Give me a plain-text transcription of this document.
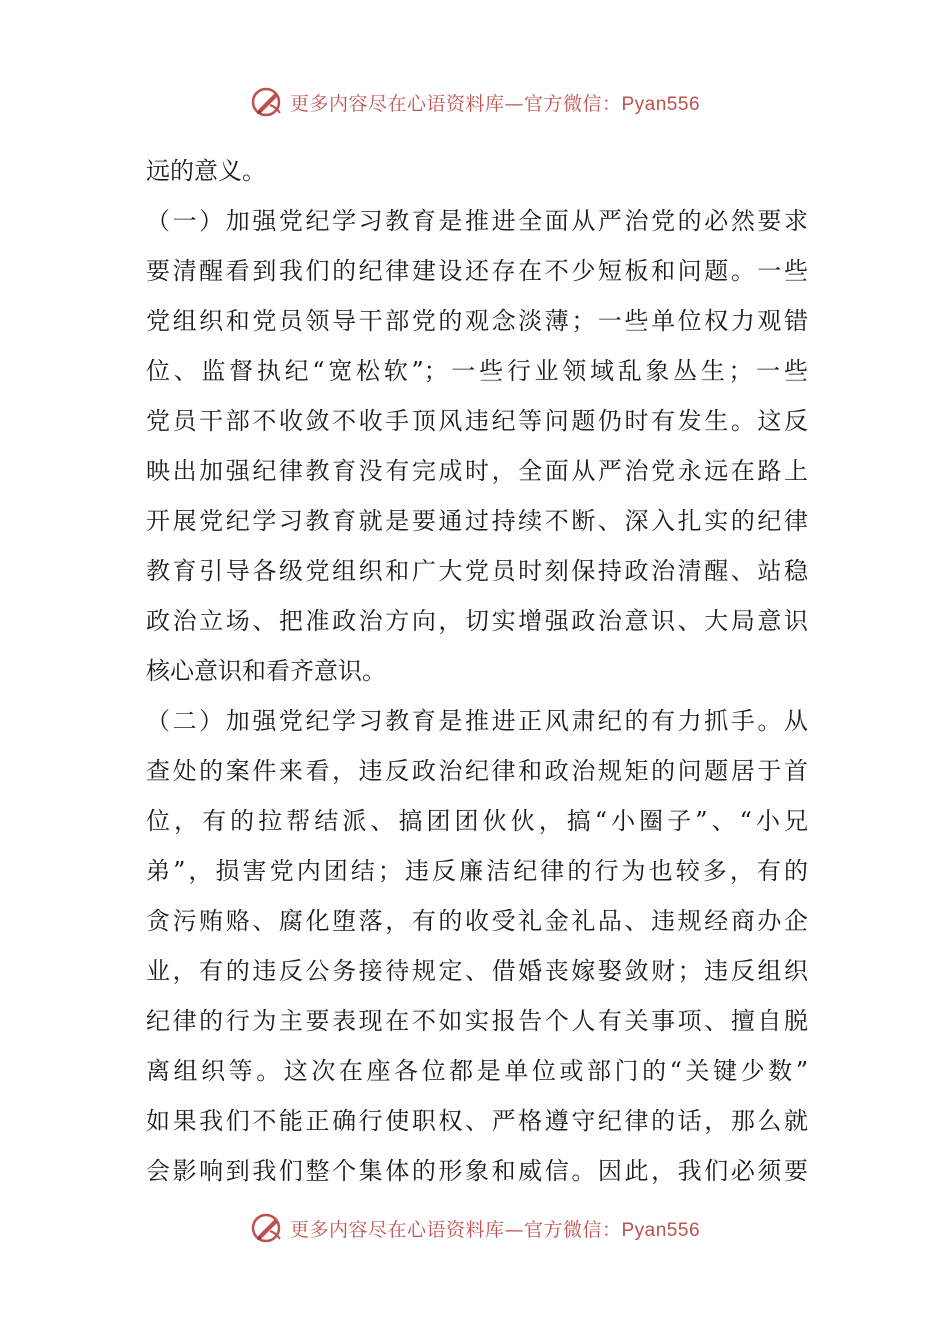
更多内容尽在心语资料库—官方微信：Pyan556
远的意义。
（一）加强党纪学习教育是推进全面从严治党的必然要求
要清醒看到我们的纪律建设还存在不少短板和问题。一些
党组织和党员领导干部党的观念淡薄；一些单位权力观错
位、监督执纪“宽松软”；一些行业领域乱象丛生；一些
党员干部不收敛不收手顶风违纪等问题仍时有发生。这反
映出加强纪律教育没有完成时，全面从严治党永远在路上
开展党纪学习教育就是要通过持续不断、深入扎实的纪律
教育引导各级党组织和广大党员时刻保持政治清醒、站稳
政治立场、把准政治方向，切实增强政治意识、大局意识
核心意识和看齐意识。
（二）加强党纪学习教育是推进正风肃纪的有力抓手。从
查处的案件来看，违反政治纪律和政治规矩的问题居于首
位，有的拉帮结派、搞团团伙伙，搞“小圈子”、“小兄
弟”，损害党内团结；违反廉洁纪律的行为也较多，有的
贪污贿赂、腐化堕落，有的收受礼金礼品、违规经商办企
业，有的违反公务接待规定、借婚丧嫁娶敛财；违反组织
纪律的行为主要表现在不如实报告个人有关事项、擅自脱
离组织等。这次在座各位都是单位或部门的“关键少数”
如果我们不能正确行使职权、严格遵守纪律的话，那么就
会影响到我们整个集体的形象和威信。因此，我们必须要
更多内容尽在心语资料库—官方微信：Pyan556
